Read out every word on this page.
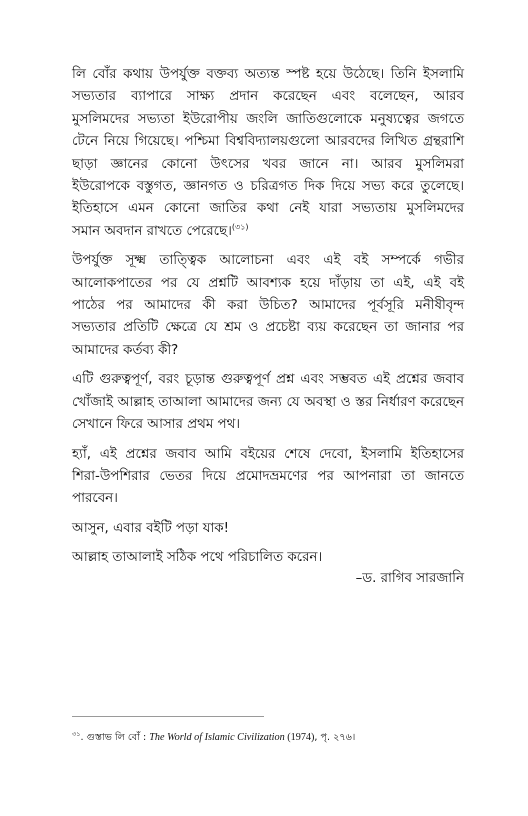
লি বোঁর কথায় উপর্যুক্ত বক্তব্য অত্যন্ত স্পষ্ট হয়ে উঠেছে। তিনি ইসলামি
সভ্যতার ব্যাপারে সাক্ষ্য প্রদান করেছেন এবং বলেছেন, আরব
মুসলিমদের সভ্যতা ইউরোপীয় জংলি জাতিগুলোকে মনুষ্যত্বের জগতে
টেনে নিয়ে গিয়েছে। পশ্চিমা বিশ্ববিদ্যালয়গুলো আরবদের লিখিত গ্রন্থরাশি
ছাড়া জ্ঞানের কোনো উৎসের খবর জানে না। আরব মুসলিমরা
ইউরোপকে বস্তুগত, জ্ঞানগত ও চরিত্রগত দিক দিয়ে সভ্য করে তুলেছে।
ইতিহাসে এমন কোনো জাতির কথা নেই যারা সভ্যতায় মুসলিমদের
সমান অবদান রাখতে পেরেছে।$^{(৩১)}$

উপর্যুক্ত সূক্ষ্ম তাত্ত্বিক আলোচনা এবং এই বই সম্পর্কে গভীর
আলোকপাতের পর যে প্রশ্নটি আবশ্যক হয়ে দাঁড়ায় তা এই, এই বই
পাঠের পর আমাদের কী করা উচিত? আমাদের পূর্বসূরি মনীষীবৃন্দ
সভ্যতার প্রতিটি ক্ষেত্রে যে শ্রম ও প্রচেষ্টা ব্যয় করেছেন তা জানার পর
আমাদের কর্তব্য কী?

এটি গুরুত্বপূর্ণ, বরং চূড়ান্ত গুরুত্বপূর্ণ প্রশ্ন এবং সম্ভবত এই প্রশ্নের জবাব
খোঁজাই আল্লাহ তাআলা আমাদের জন্য যে অবস্থা ও স্তর নির্ধারণ করেছেন
সেখানে ফিরে আসার প্রথম পথ।

হ্যাঁ, এই প্রশ্নের জবাব আমি বইয়ের শেষে দেবো, ইসলামি ইতিহাসের
শিরা-উপশিরার ভেতর দিয়ে প্রমোদভ্রমণের পর আপনারা তা জানতে
পারবেন।

আসুন, এবার বইটি পড়া যাক!

আল্লাহ তাআলাই সঠিক পথে পরিচালিত করেন।

–ড. রাগিব সারজানি
$^{৩১}$. গুস্তাভ লি বোঁ : The World of Islamic Civilization (1974), পৃ. ২৭৬।
